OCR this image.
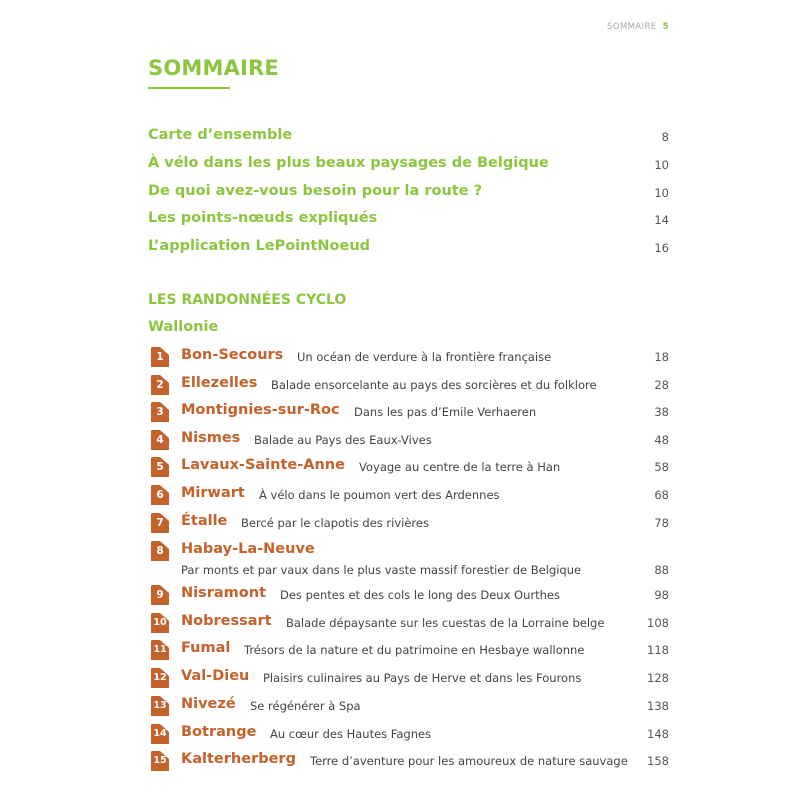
SOMMAIRE 5
SOMMAIRE
Carte d’ensemble	8
À vélo dans les plus beaux paysages de Belgique	10
De quoi avez-vous besoin pour la route ?	10
Les points-nœuds expliqués	14
L’application LePointNoeud	16
LES RANDONNÉES CYCLO
Wallonie
1	Bon-Secours Un océan de verdure à la frontière française	18
2	Ellezelles Balade ensorcelante au pays des sorcières et du folklore	28
3	Montignies-sur-Roc Dans les pas d’Emile Verhaeren	38
4	Nismes Balade au Pays des Eaux-Vives	48
5	Lavaux-Sainte-Anne Voyage au centre de la terre à Han	58
6	Mirwart À vélo dans le poumon vert des Ardennes	68
7	Étalle Bercé par le clapotis des rivières	78
8	Habay-La-Neuve
Par monts et par vaux dans le plus vaste massif forestier de Belgique	88
9	Nisramont Des pentes et des cols le long des Deux Ourthes	98
10 Nobressart Balade dépaysante sur les cuestas de la Lorraine belge	108
11 Fumal Trésors de la nature et du patrimoine en Hesbaye wallonne	118
12 Val-Dieu Plaisirs culinaires au Pays de Herve et dans les Fourons	128
13 Nivezé Se régénérer à Spa	138
14 Botrange Au cœur des Hautes Fagnes	148
15 Kalterherberg Terre d’aventure pour les amoureux de nature sauvage 158
